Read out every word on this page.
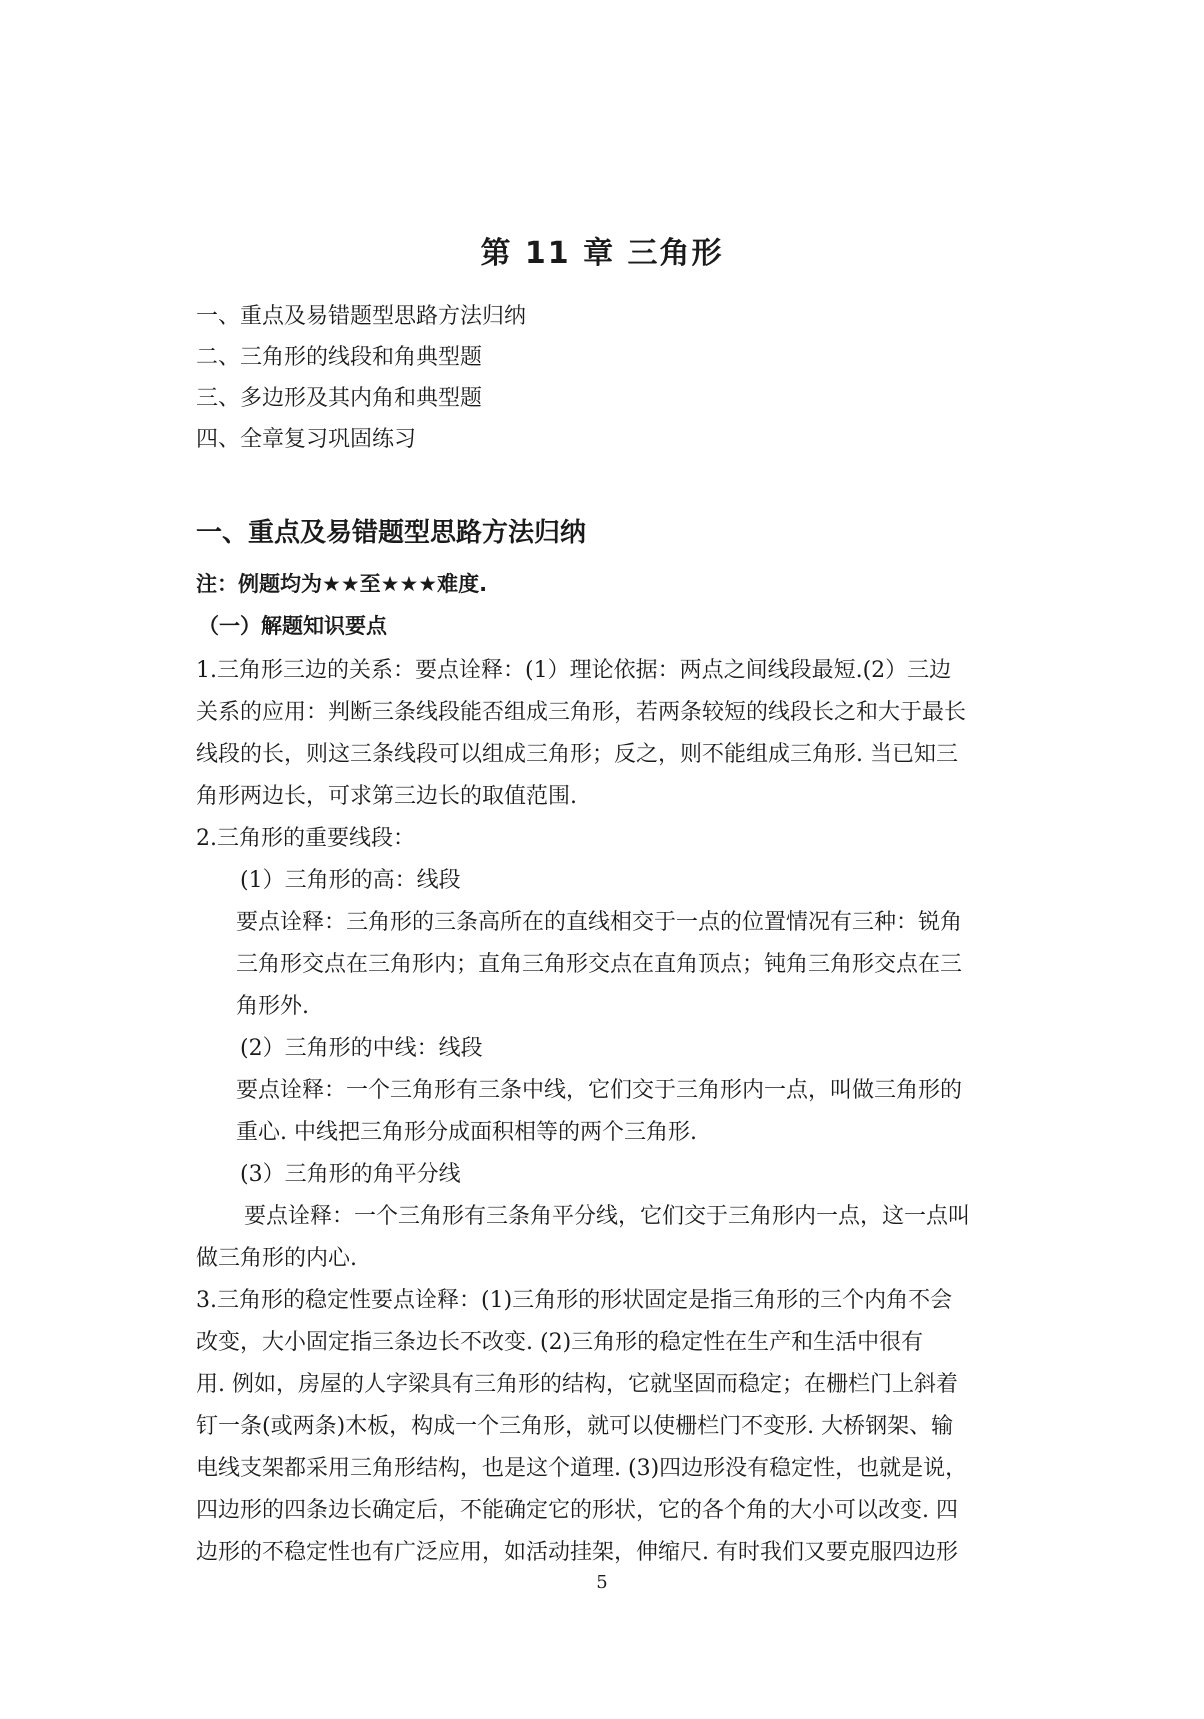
第 11 章 三角形
一、重点及易错题型思路方法归纳
二、三角形的线段和角典型题
三、多边形及其内角和典型题
四、全章复习巩固练习
一、重点及易错题型思路方法归纳
注：例题均为★★至★★★难度.
（一）解题知识要点
1.三角形三边的关系：要点诠释：(1）理论依据：两点之间线段最短.(2）三边
关系的应用：判断三条线段能否组成三角形，若两条较短的线段长之和大于最长
线段的长，则这三条线段可以组成三角形；反之，则不能组成三角形. 当已知三
角形两边长，可求第三边长的取值范围.
2.三角形的重要线段：
(1）三角形的高：线段
要点诠释：三角形的三条高所在的直线相交于一点的位置情况有三种：锐角
三角形交点在三角形内；直角三角形交点在直角顶点；钝角三角形交点在三
角形外.
(2）三角形的中线：线段
要点诠释：一个三角形有三条中线，它们交于三角形内一点，叫做三角形的
重心. 中线把三角形分成面积相等的两个三角形.
(3）三角形的角平分线
要点诠释：一个三角形有三条角平分线，它们交于三角形内一点，这一点叫
做三角形的内心.
3.三角形的稳定性要点诠释：(1)三角形的形状固定是指三角形的三个内角不会
改变，大小固定指三条边长不改变. (2)三角形的稳定性在生产和生活中很有
用. 例如，房屋的人字梁具有三角形的结构，它就坚固而稳定；在栅栏门上斜着
钉一条(或两条)木板，构成一个三角形，就可以使栅栏门不变形. 大桥钢架、输
电线支架都采用三角形结构，也是这个道理. (3)四边形没有稳定性，也就是说，
四边形的四条边长确定后，不能确定它的形状，它的各个角的大小可以改变. 四
边形的不稳定性也有广泛应用，如活动挂架，伸缩尺. 有时我们又要克服四边形
5
